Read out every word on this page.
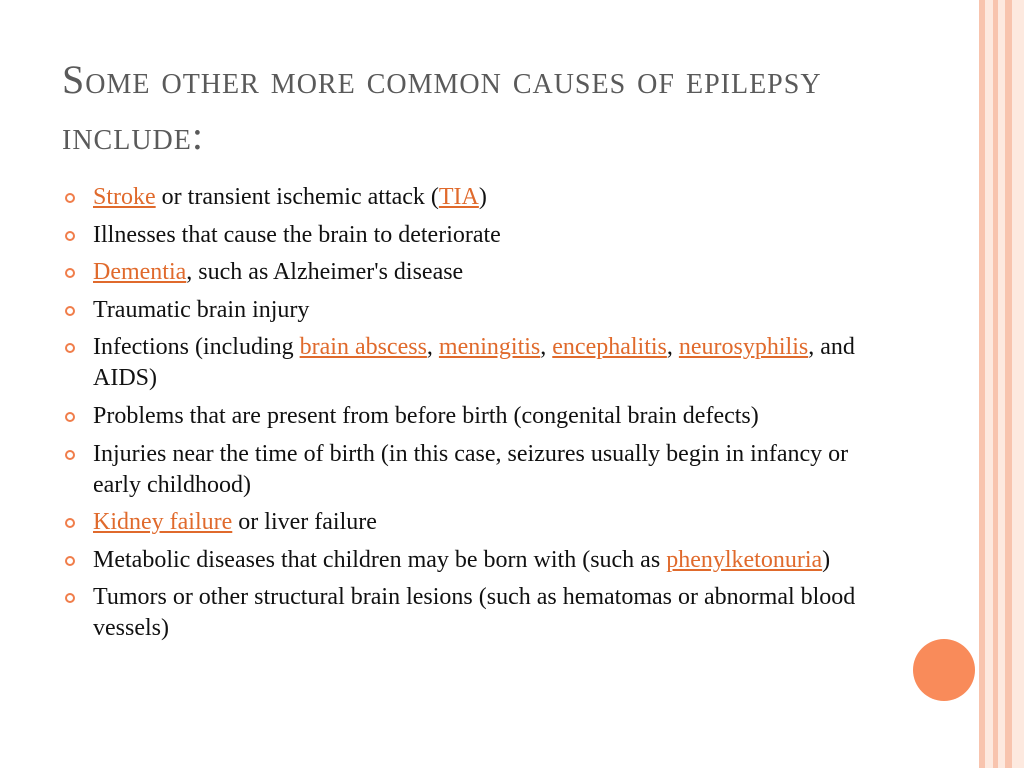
Some other more common causes of epilepsy include:
Stroke or transient ischemic attack (TIA)
Illnesses that cause the brain to deteriorate
Dementia, such as Alzheimer's disease
Traumatic brain injury
Infections (including brain abscess, meningitis, encephalitis, neurosyphilis, and AIDS)
Problems that are present from before birth (congenital brain defects)
Injuries near the time of birth (in this case, seizures usually begin in infancy or early childhood)
Kidney failure or liver failure
Metabolic diseases that children may be born with (such as phenylketonuria)
Tumors or other structural brain lesions (such as hematomas or abnormal blood vessels)
